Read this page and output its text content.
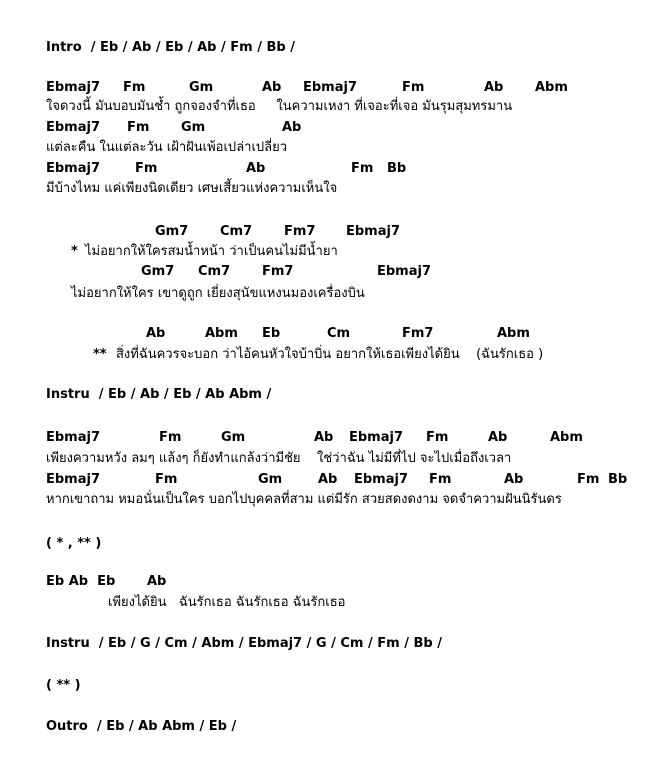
Intro  / Eb / Ab / Eb / Ab / Fm / Bb /
Ebmaj7 Fm	Gm	Ab Ebmaj7	Fm	Ab Abm
ใจดวงนี้ มันบอบมันช้ำ ถูกจองจำที่เธอ     ในความเหงา ที่เจอะที่เจอ มันรุมสุมทรมาน
Ebmaj7 Fm Gm	Ab
แต่ละคืน ในแต่ละวัน เฝ้าฝันเพ้อเปล่าเปลี่ยว
Ebmaj7	Fm	Ab	Fm Bb
มีบ้างไหม แค่เพียงนิดเดียว เศษเสี้ยวแห่งความเห็นใจ
Gm7 Cm7 Fm7 Ebmaj7
* ไม่อยากให้ใครสมน้ำหน้า ว่าเป็นคนไม่มีน้ำยา
Gm7 Cm7 Fm7	Ebmaj7
ไม่อยากให้ใคร เขาดูถูก เยี่ยงสุนัขแหงนมองเครื่องบิน
Ab	Abm Eb	Cm	Fm7	Abm
** สิ่งที่ฉันควรจะบอก ว่าไอ้คนหัวใจบ้าบิ่น อยากให้เธอเพียงได้ยิน    (ฉันรักเธอ )
Instru  / Eb / Ab / Eb / Ab Abm /
Ebmaj7	Fm	Gm	Ab Ebmaj7 Fm	Ab	Abm
เพียงความหวัง ลมๆ แล้งๆ ก็ยังทำแกล้งว่ามีชัย    ใช่ว่าฉัน ไม่มีที่ไป จะไปเมื่อถึงเวลา
Ebmaj7	Fm	Gm	Ab Ebmaj7 Fm	Ab	Fm Bb
หากเขาถาม หมอนั่นเป็นใคร บอกไปบุคคลที่สาม แต่มีรัก สวยสดงดงาม จดจำความฝันนิรันดร
( * , ** )
Eb Ab  Eb Ab
เพียงได้ยิน   ฉันรักเธอ ฉันรักเธอ ฉันรักเธอ
Instru  / Eb / G / Cm / Abm / Ebmaj7 / G / Cm / Fm / Bb /
( ** )
Outro  / Eb / Ab Abm / Eb /
